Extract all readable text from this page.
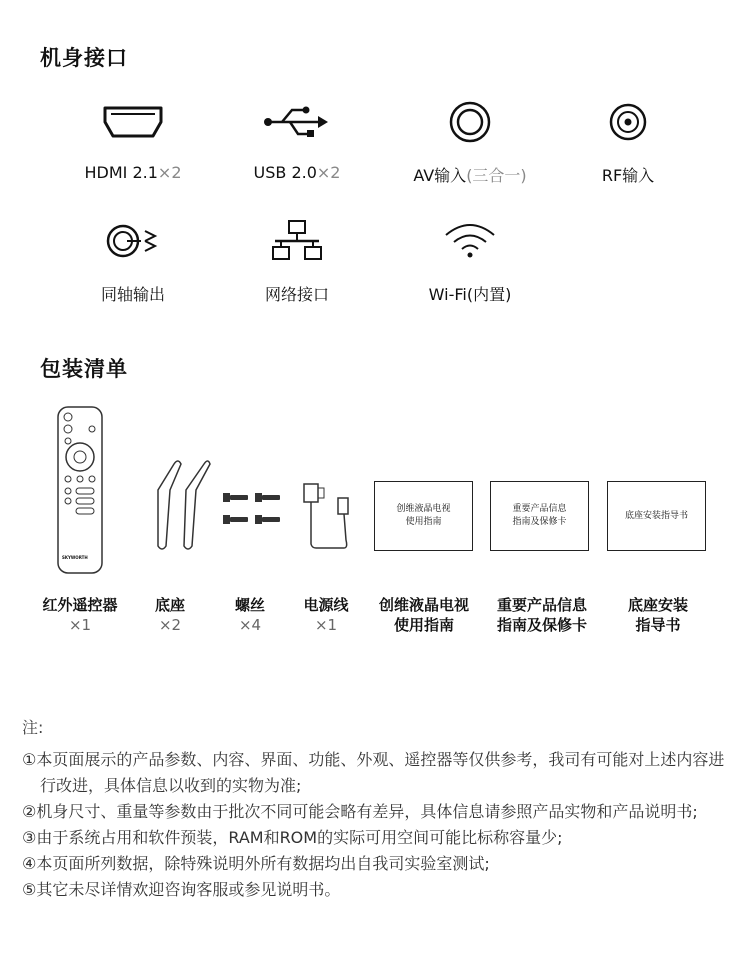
机身接口
HDMI 2.1×2	USB 2.0×2	AV输入(三合一)	RF输入
同轴输出	网络接口	Wi-Fi(内置)
包装清单
SKYWORTH
创维液晶电视
使用指南
重要产品信息
指南及保修卡
底座安装指导书
红外遥控器
×1
底座
×2
螺丝
×4
电源线
×1
创维液晶电视
使用指南
重要产品信息
指南及保修卡
底座安装
指导书
注:

①本页面展示的产品参数、内容、界面、功能、外观、遥控器等仅供参考，我司有可能对上述内容进行改进，具体信息以收到的实物为准;

②机身尺寸、重量等参数由于批次不同可能会略有差异，具体信息请参照产品实物和产品说明书;

③由于系统占用和软件预装，RAM和ROM的实际可用空间可能比标称容量少;

④本页面所列数据，除特殊说明外所有数据均出自我司实验室测试;

⑤其它未尽详情欢迎咨询客服或参见说明书。
